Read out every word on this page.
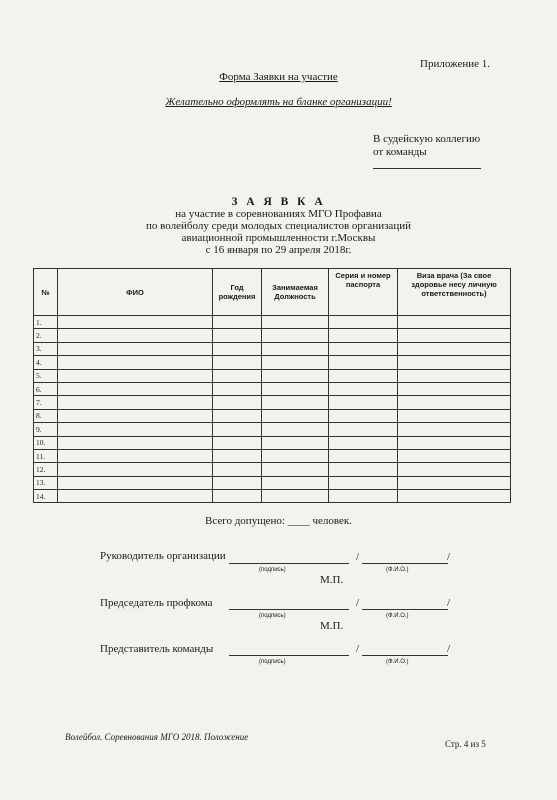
Приложение 1.
Форма Заявки на участие
Желательно оформлять на бланке организации!
В судейскую коллегию
от команды
З А Я В К А
на участие в соревнованиях МГО Профавиа
по волейболу среди молодых специалистов организаций
авиационной промышленности г.Москвы
с 16 января по 29 апреля 2018г.
№	ФИО	Год рождения	Занимаемая Должность	Серия и номер паспорта	Виза врача (За свое здоровье несу личную ответственность)
1.					
2.					
3.					
4.					
5.					
6.					
7.					
8.					
9.					
10.					
11.					
12.					
13.					
14.					
Всего допущено: ____ человек.
Руководитель организации	/	/
(подпись)	(Ф.И.О.)
М.П.
Председатель профкома	/	/
(подпись)	(Ф.И.О.)
М.П.
Представитель команды	/	/
(подпись)	(Ф.И.О.)
Волейбол. Соревнования МГО 2018. Положение
Стр. 4 из 5
